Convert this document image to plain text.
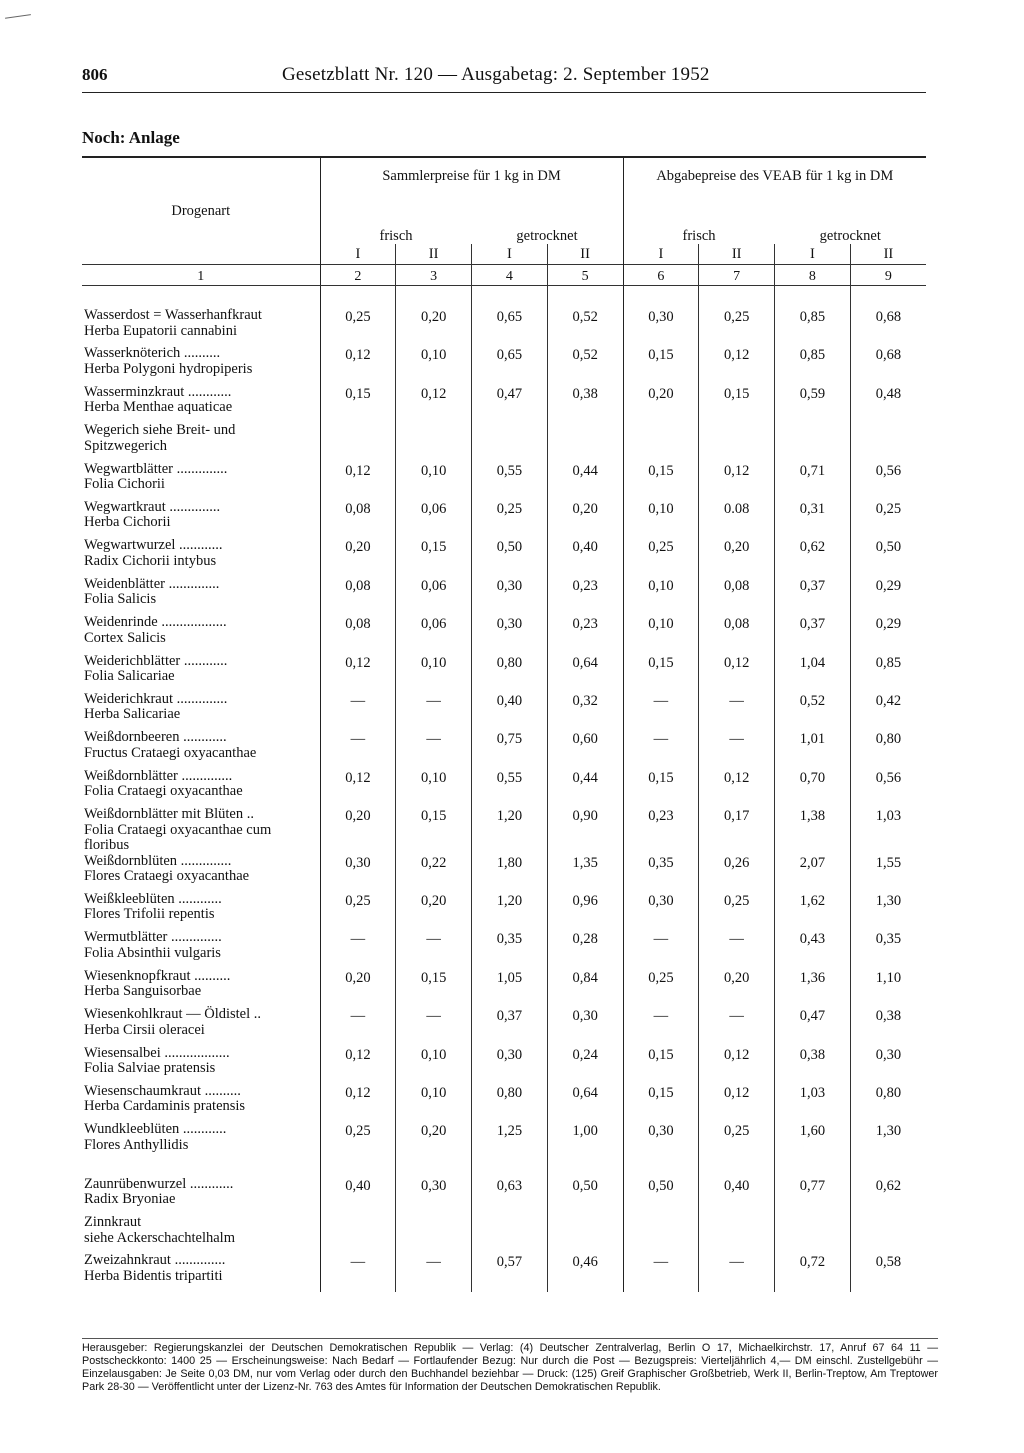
806	Gesetzblatt Nr. 120 — Ausgabetag: 2. September 1952
Noch: Anlage
Drogenart	Sammlerpreise für 1 kg in DM				Abgabepreise des VEAB für 1 kg in DM			
	frisch		getrocknet		frisch		getrocknet	
	I	II	I	II	I	II	I	II
1	2	3	4	5	6	7	8	9

Wasserdost = Wasserhanfkraut
Herba Eupatorii cannabini	0,25	0,20	0,65	0,52	0,30	0,25	0,85	0,68

Wasserknöterich ..........
Herba Polygoni hydropiperis	0,12	0,10	0,65	0,52	0,15	0,12	0,85	0,68

Wasserminzkraut ............
Herba Menthae aquaticae	0,15	0,12	0,47	0,38	0,20	0,15	0,59	0,48

Wegerich siehe Breit- und
Spitzwegerich								

Wegwartblätter ..............
Folia Cichorii	0,12	0,10	0,55	0,44	0,15	0,12	0,71	0,56

Wegwartkraut ..............
Herba Cichorii	0,08	0,06	0,25	0,20	0,10	0.08	0,31	0,25

Wegwartwurzel ............
Radix Cichorii intybus	0,20	0,15	0,50	0,40	0,25	0,20	0,62	0,50

Weidenblätter ..............
Folia Salicis	0,08	0,06	0,30	0,23	0,10	0,08	0,37	0,29

Weidenrinde ..................
Cortex Salicis	0,08	0,06	0,30	0,23	0,10	0,08	0,37	0,29

Weiderichblätter ............
Folia Salicariae	0,12	0,10	0,80	0,64	0,15	0,12	1,04	0,85

Weiderichkraut ..............
Herba Salicariae	—	—	0,40	0,32	—	—	0,52	0,42

Weißdornbeeren ............
Fructus Crataegi oxyacanthae	—	—	0,75	0,60	—	—	1,01	0,80

Weißdornblätter ..............
Folia Crataegi oxyacanthae	0,12	0,10	0,55	0,44	0,15	0,12	0,70	0,56

Weißdornblätter mit Blüten ..
Folia Crataegi oxyacanthae cum floribus	0,20	0,15	1,20	0,90	0,23	0,17	1,38	1,03

Weißdornblüten ..............
Flores Crataegi oxyacanthae	0,30	0,22	1,80	1,35	0,35	0,26	2,07	1,55

Weißkleeblüten ............
Flores Trifolii repentis	0,25	0,20	1,20	0,96	0,30	0,25	1,62	1,30

Wermutblätter ..............
Folia Absinthii vulgaris	—	—	0,35	0,28	—	—	0,43	0,35

Wiesenknopfkraut ..........
Herba Sanguisorbae	0,20	0,15	1,05	0,84	0,25	0,20	1,36	1,10

Wiesenkohlkraut — Öldistel ..
Herba Cirsii oleracei	—	—	0,37	0,30	—	—	0,47	0,38

Wiesensalbei ..................
Folia Salviae pratensis	0,12	0,10	0,30	0,24	0,15	0,12	0,38	0,30

Wiesenschaumkraut ..........
Herba Cardaminis pratensis	0,12	0,10	0,80	0,64	0,15	0,12	1,03	0,80

Wundkleeblüten ............
Flores Anthyllidis	0,25	0,20	1,25	1,00	0,30	0,25	1,60	1,30

Zaunrübenwurzel ............
Radix Bryoniae	0,40	0,30	0,63	0,50	0,50	0,40	0,77	0,62

Zinnkraut
siehe Ackerschachtelhalm								

Zweizahnkraut ..............
Herba Bidentis tripartiti	—	—	0,57	0,46	—	—	0,72	0,58
Herausgeber: Regierungskanzlei der Deutschen Demokratischen Republik — Verlag: (4) Deutscher Zentralverlag, Berlin O 17, Michaelkirchstr. 17, Anruf 67 64 11 — Postscheckkonto: 1400 25 — Erscheinungsweise: Nach Bedarf — Fortlaufender Bezug: Nur durch die Post — Bezugspreis: Vierteljährlich 4,— DM einschl. Zustellgebühr — Einzelausgaben: Je Seite 0,03 DM, nur vom Verlag oder durch den Buchhandel beziehbar — Druck: (125) Greif Graphischer Großbetrieb, Werk II, Berlin-Treptow, Am Treptower Park 28-30 — Veröffentlicht unter der Lizenz-Nr. 763 des Amtes für Information der Deutschen Demokratischen Republik.
